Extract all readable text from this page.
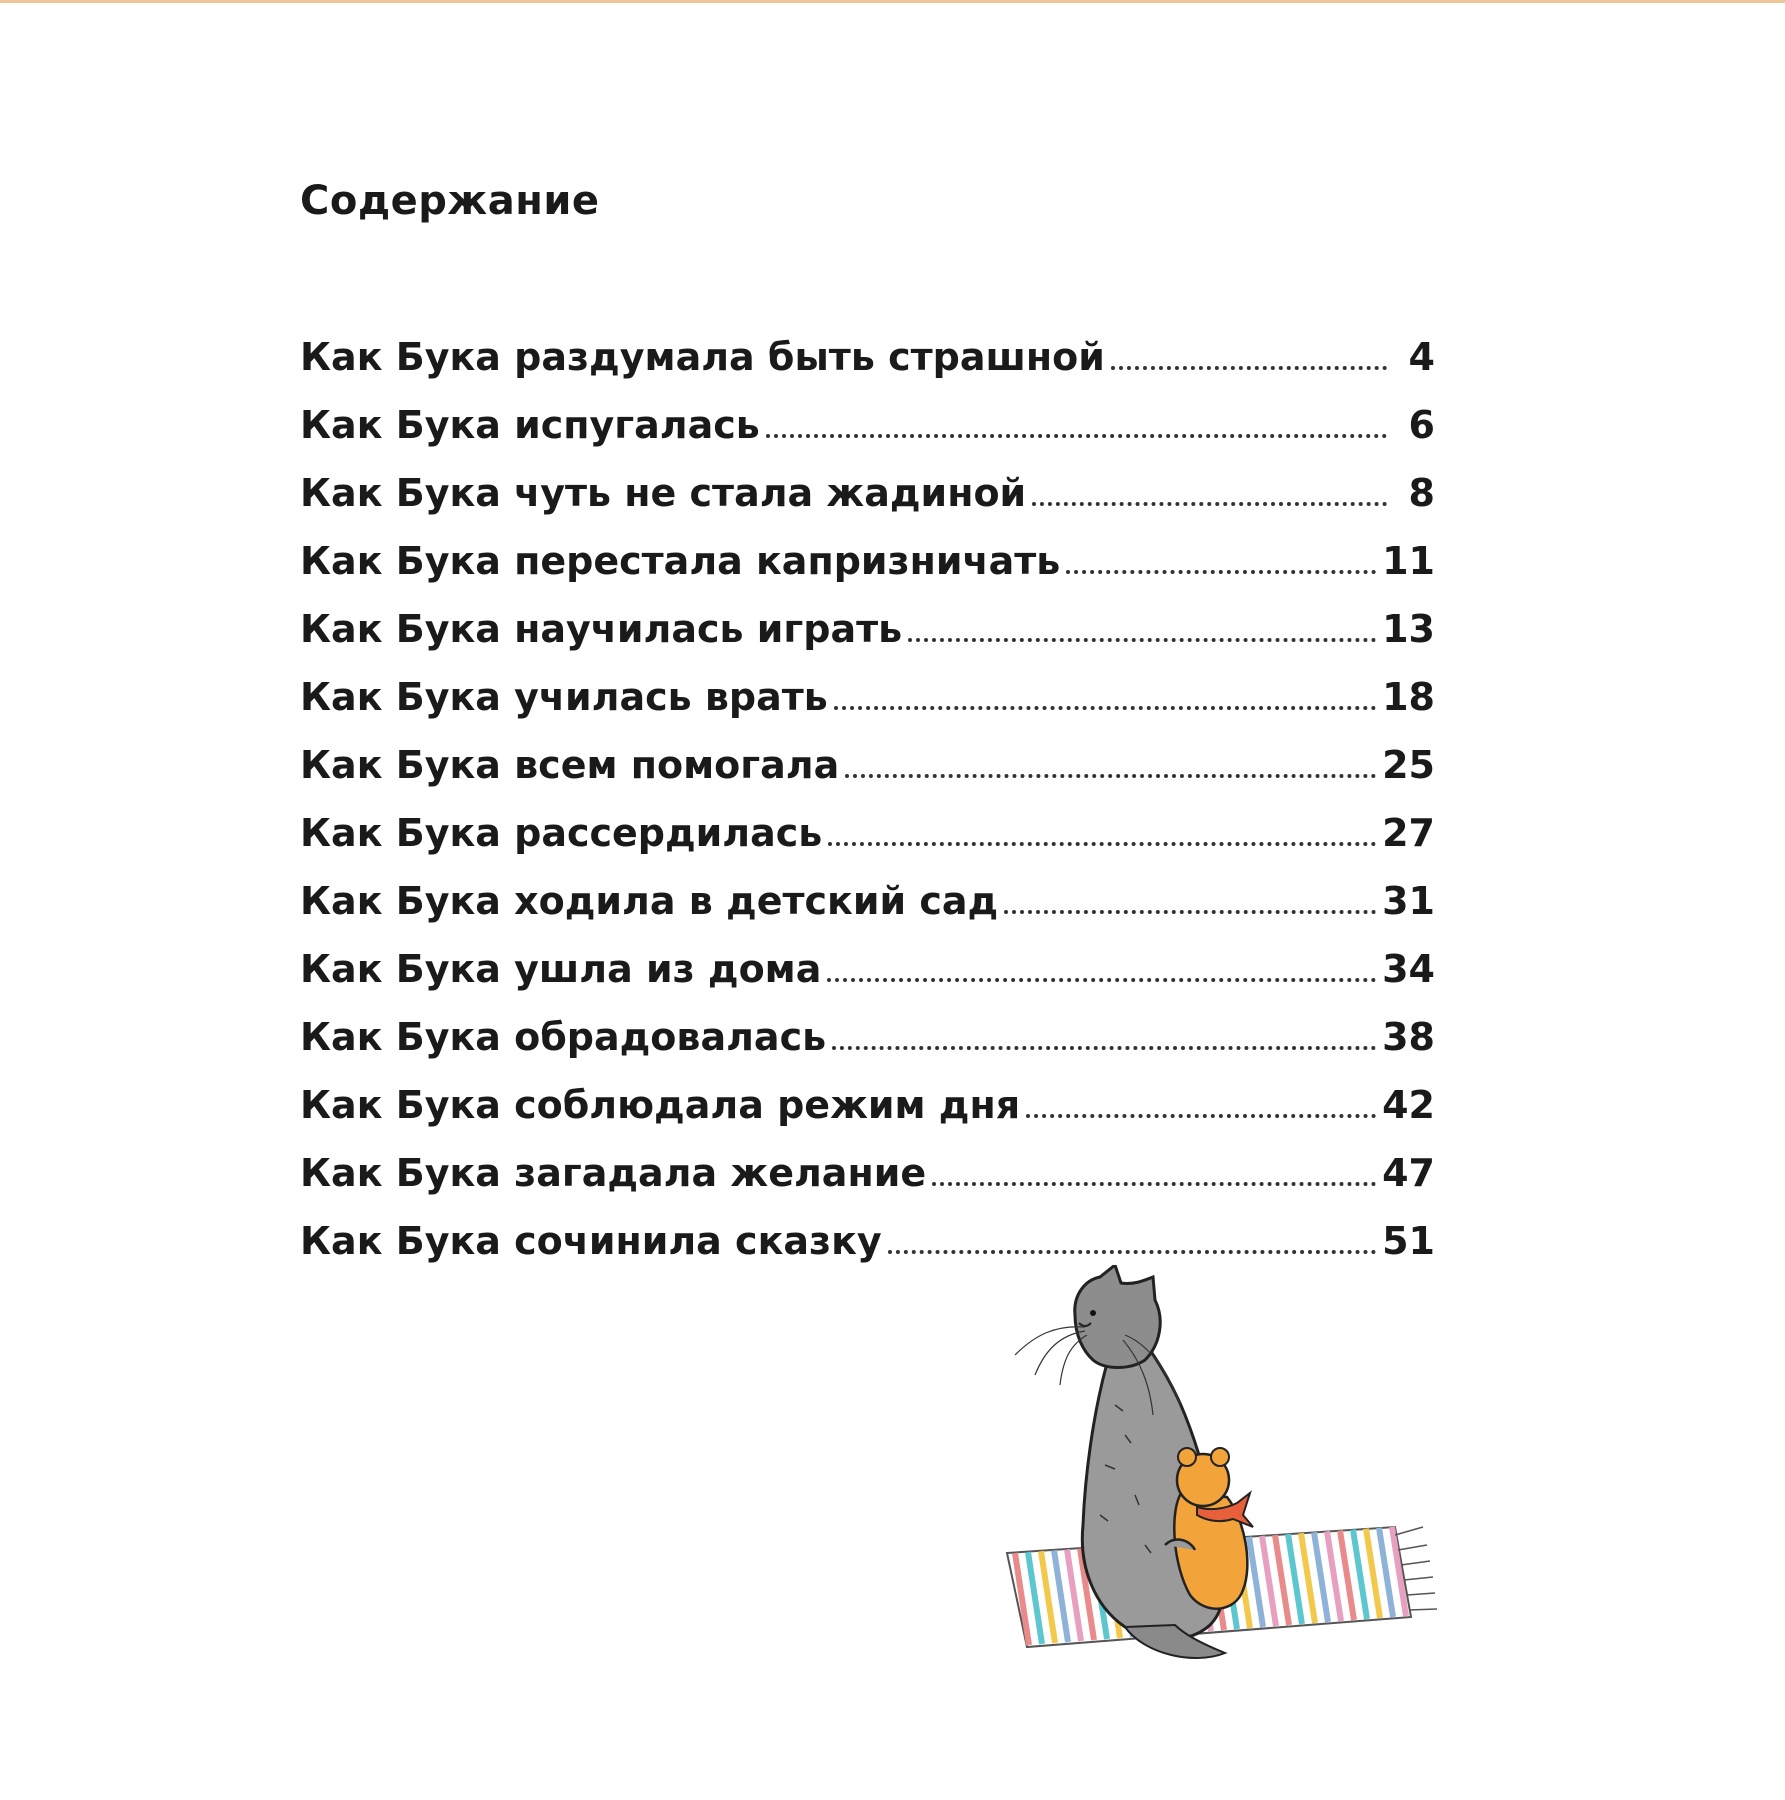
Содержание
Как Бука раздумала быть страшной	4
Как Бука испугалась	6
Как Бука чуть не стала жадиной	8
Как Бука перестала капризничать	11
Как Бука научилась играть	13
Как Бука училась врать	18
Как Бука всем помогала	25
Как Бука рассердилась	27
Как Бука ходила в детский сад	31
Как Бука ушла из дома	34
Как Бука обрадовалась	38
Как Бука соблюдала режим дня	42
Как Бука загадала желание	47
Как Бука сочинила сказку	51
